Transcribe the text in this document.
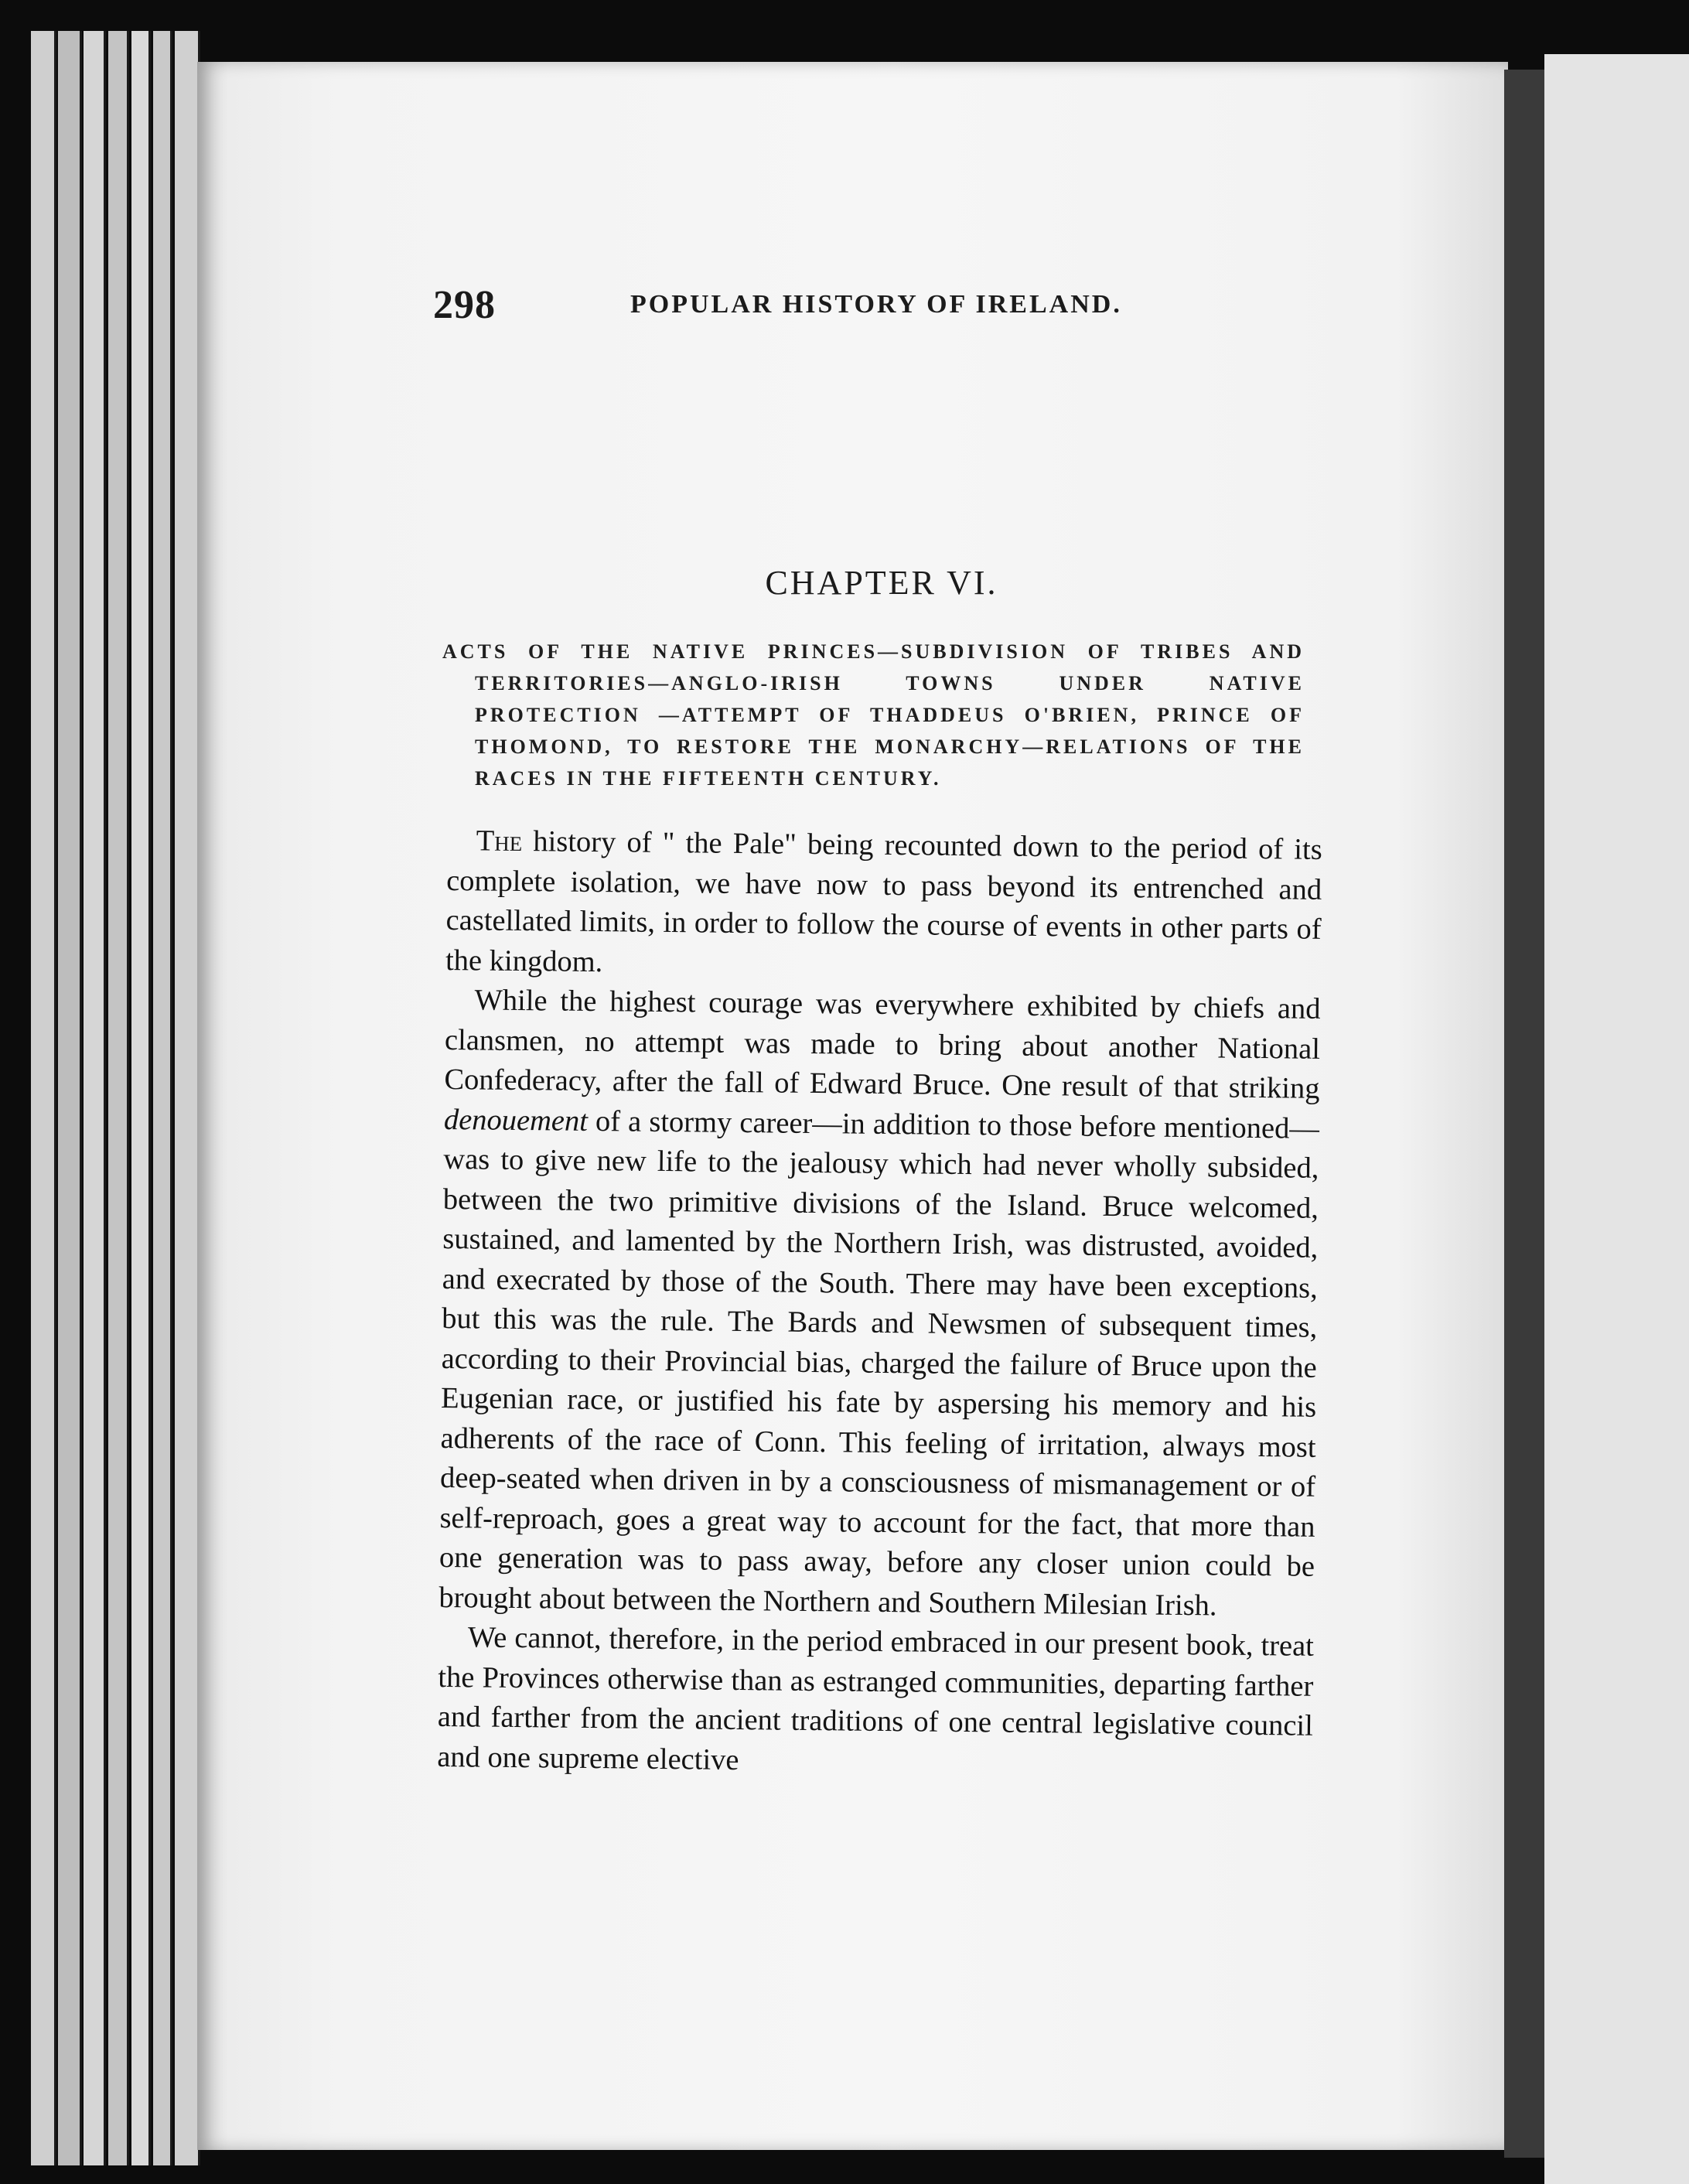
298	POPULAR HISTORY OF IRELAND.
CHAPTER VI.
ACTS OF THE NATIVE PRINCES—SUBDIVISION OF TRIBES AND TERRITORIES—ANGLO-IRISH TOWNS UNDER NATIVE PROTECTION —ATTEMPT OF THADDEUS O'BRIEN, PRINCE OF THOMOND, TO RESTORE THE MONARCHY—RELATIONS OF THE RACES IN THE FIFTEENTH CENTURY.

The history of " the Pale" being recounted down to the period of its complete isolation, we have now to pass beyond its entrenched and castellated limits, in order to follow the course of events in other parts of the kingdom.

While the highest courage was everywhere exhibited by chiefs and clansmen, no attempt was made to bring about another National Confederacy, after the fall of Edward Bruce. One result of that striking denouement of a stormy career—in addition to those before mentioned—was to give new life to the jealousy which had never wholly subsided, between the two primitive divisions of the Island. Bruce welcomed, sustained, and lamented by the Northern Irish, was distrusted, avoided, and execrated by those of the South. There may have been exceptions, but this was the rule. The Bards and Newsmen of subsequent times, according to their Provincial bias, charged the failure of Bruce upon the Eugenian race, or justified his fate by aspersing his memory and his adherents of the race of Conn. This feeling of irritation, always most deep-seated when driven in by a consciousness of mismanagement or of self-reproach, goes a great way to account for the fact, that more than one generation was to pass away, before any closer union could be brought about between the Northern and Southern Milesian Irish.

We cannot, therefore, in the period embraced in our present book, treat the Provinces otherwise than as estranged communities, departing farther and farther from the ancient traditions of one central legislative council and one supreme elective
